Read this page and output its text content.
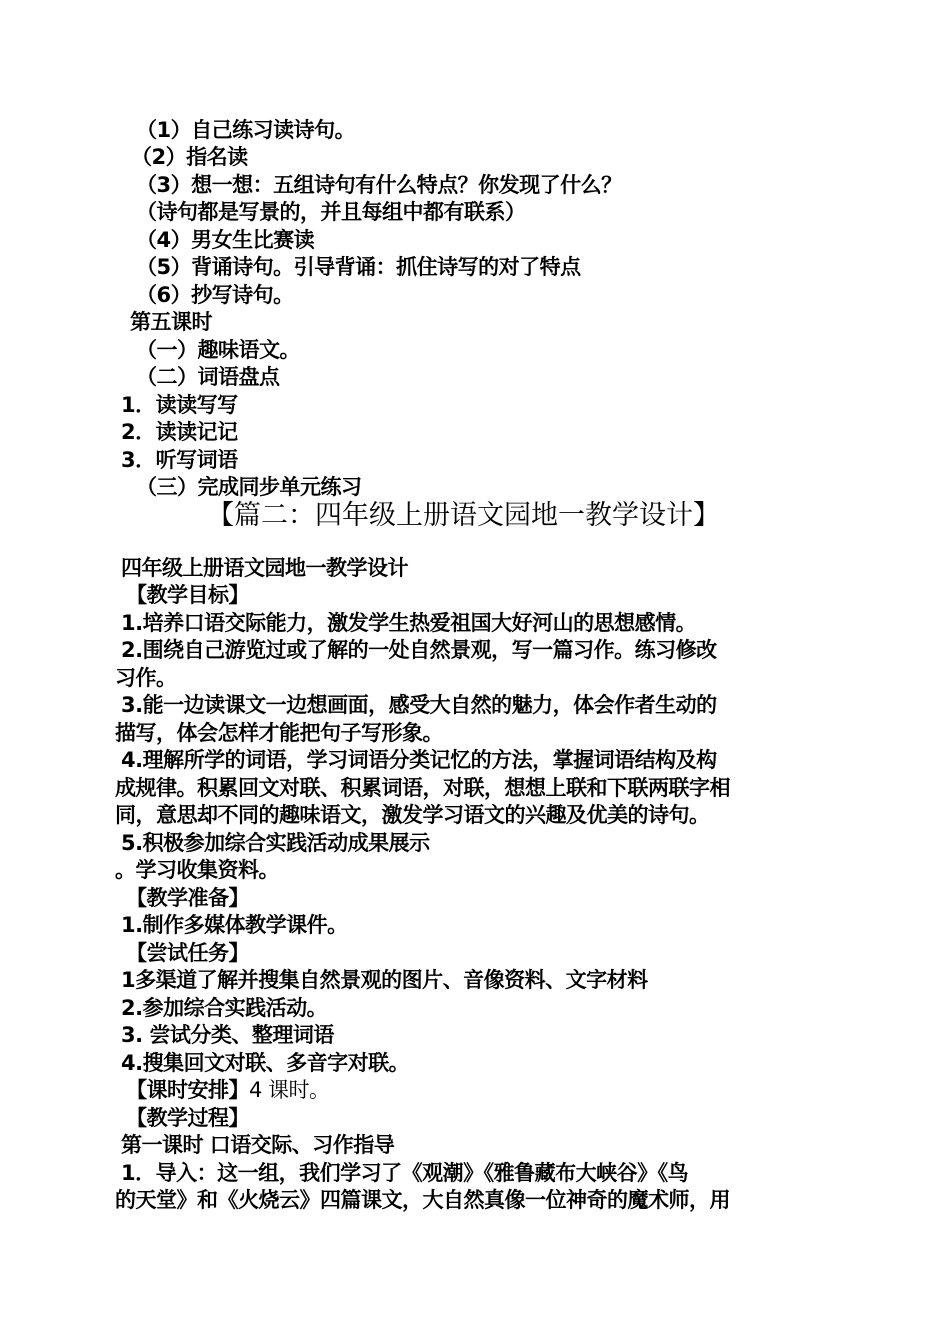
（1）自己练习读诗句。
（2）指名读
（3）想一想：五组诗句有什么特点？你发现了什么？
（诗句都是写景的，并且每组中都有联系）
（4）男女生比赛读
（5）背诵诗句。引导背诵：抓住诗写的对了特点
（6）抄写诗句。
第五课时
（一）趣味语文。
（二）词语盘点
1．读读写写
2．读读记记
3．听写词语
（三）完成同步单元练习
【篇二：四年级上册语文园地一教学设计】
四年级上册语文园地一教学设计
【教学目标】
1.培养口语交际能力，激发学生热爱祖国大好河山的思想感情。
2.围绕自己游览过或了解的一处自然景观，写一篇习作。练习修改
习作。
3.能一边读课文一边想画面，感受大自然的魅力，体会作者生动的
描写，体会怎样才能把句子写形象。
4.理解所学的词语，学习词语分类记忆的方法，掌握词语结构及构
成规律。积累回文对联、积累词语，对联，想想上联和下联两联字相
同，意思却不同的趣味语文，激发学习语文的兴趣及优美的诗句。
5.积极参加综合实践活动成果展示
。学习收集资料。
【教学准备】
1.制作多媒体教学课件。
【尝试任务】
1多渠道了解并搜集自然景观的图片、音像资料、文字材料
2.参加综合实践活动。
3. 尝试分类、整理词语
4.搜集回文对联、多音字对联。
【课时安排】4 课时。
【教学过程】
第一课时 口语交际、习作指导
1．导入：这一组，我们学习了《观潮》《雅鲁藏布大峡谷》《鸟
的天堂》和《火烧云》四篇课文，大自然真像一位神奇的魔术师，用
